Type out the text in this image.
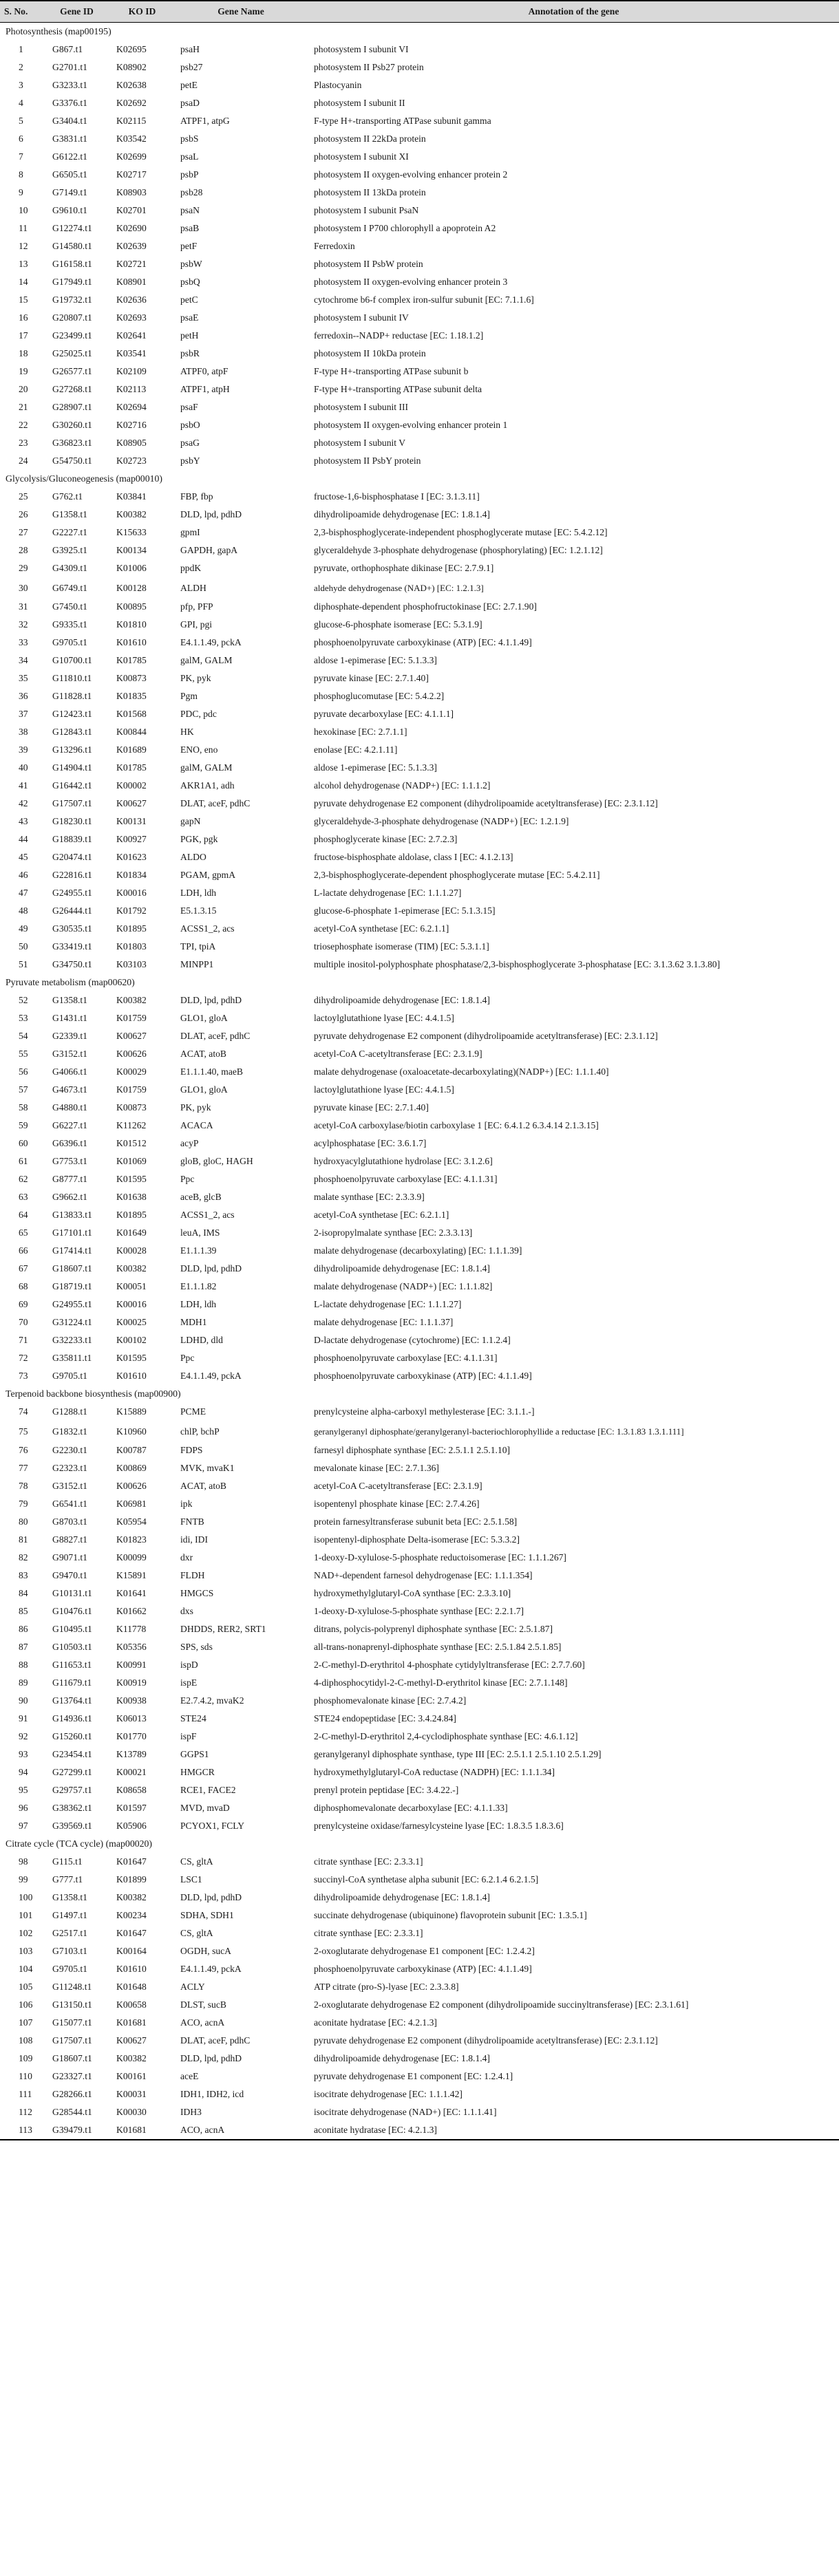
S. No.	Gene ID	KO ID	Gene Name	Annotation of the gene
Photosynthesis (map00195)				
1	G867.t1	K02695	psaH	photosystem I subunit VI
2	G2701.t1	K08902	psb27	photosystem II Psb27 protein
3	G3233.t1	K02638	petE	Plastocyanin
4	G3376.t1	K02692	psaD	photosystem I subunit II
5	G3404.t1	K02115	ATPF1, atpG	F-type H+-transporting ATPase subunit gamma
6	G3831.t1	K03542	psbS	photosystem II 22kDa protein
7	G6122.t1	K02699	psaL	photosystem I subunit XI
8	G6505.t1	K02717	psbP	photosystem II oxygen-evolving enhancer protein 2
9	G7149.t1	K08903	psb28	photosystem II 13kDa protein
10	G9610.t1	K02701	psaN	photosystem I subunit PsaN
11	G12274.t1	K02690	psaB	photosystem I P700 chlorophyll a apoprotein A2
12	G14580.t1	K02639	petF	Ferredoxin
13	G16158.t1	K02721	psbW	photosystem II PsbW protein
14	G17949.t1	K08901	psbQ	photosystem II oxygen-evolving enhancer protein 3
15	G19732.t1	K02636	petC	cytochrome b6-f complex iron-sulfur subunit [EC: 7.1.1.6]
16	G20807.t1	K02693	psaE	photosystem I subunit IV
17	G23499.t1	K02641	petH	ferredoxin--NADP+ reductase [EC: 1.18.1.2]
18	G25025.t1	K03541	psbR	photosystem II 10kDa protein
19	G26577.t1	K02109	ATPF0, atpF	F-type H+-transporting ATPase subunit b
20	G27268.t1	K02113	ATPF1, atpH	F-type H+-transporting ATPase subunit delta
21	G28907.t1	K02694	psaF	photosystem I subunit III
22	G30260.t1	K02716	psbO	photosystem II oxygen-evolving enhancer protein 1
23	G36823.t1	K08905	psaG	photosystem I subunit V
24	G54750.t1	K02723	psbY	photosystem II PsbY protein
Glycolysis/Gluconeogenesis (map00010)				
25	G762.t1	K03841	FBP, fbp	fructose-1,6-bisphosphatase I [EC: 3.1.3.11]
26	G1358.t1	K00382	DLD, lpd, pdhD	dihydrolipoamide dehydrogenase [EC: 1.8.1.4]
27	G2227.t1	K15633	gpmI	2,3-bisphosphoglycerate-independent phosphoglycerate mutase [EC: 5.4.2.12]
28	G3925.t1	K00134	GAPDH, gapA	glyceraldehyde 3-phosphate dehydrogenase (phosphorylating) [EC: 1.2.1.12]
29	G4309.t1	K01006	ppdK	pyruvate, orthophosphate dikinase [EC: 2.7.9.1]
30	G6749.t1	K00128	ALDH	aldehyde dehydrogenase (NAD+) [EC: 1.2.1.3]
31	G7450.t1	K00895	pfp, PFP	diphosphate-dependent phosphofructokinase [EC: 2.7.1.90]
32	G9335.t1	K01810	GPI, pgi	glucose-6-phosphate isomerase [EC: 5.3.1.9]
33	G9705.t1	K01610	E4.1.1.49, pckA	phosphoenolpyruvate carboxykinase (ATP) [EC: 4.1.1.49]
34	G10700.t1	K01785	galM, GALM	aldose 1-epimerase [EC: 5.1.3.3]
35	G11810.t1	K00873	PK, pyk	pyruvate kinase [EC: 2.7.1.40]
36	G11828.t1	K01835	Pgm	phosphoglucomutase [EC: 5.4.2.2]
37	G12423.t1	K01568	PDC, pdc	pyruvate decarboxylase [EC: 4.1.1.1]
38	G12843.t1	K00844	HK	hexokinase [EC: 2.7.1.1]
39	G13296.t1	K01689	ENO, eno	enolase [EC: 4.2.1.11]
40	G14904.t1	K01785	galM, GALM	aldose 1-epimerase [EC: 5.1.3.3]
41	G16442.t1	K00002	AKR1A1, adh	alcohol dehydrogenase (NADP+) [EC: 1.1.1.2]
42	G17507.t1	K00627	DLAT, aceF, pdhC	pyruvate dehydrogenase E2 component (dihydrolipoamide acetyltransferase) [EC: 2.3.1.12]
43	G18230.t1	K00131	gapN	glyceraldehyde-3-phosphate dehydrogenase (NADP+) [EC: 1.2.1.9]
44	G18839.t1	K00927	PGK, pgk	phosphoglycerate kinase [EC: 2.7.2.3]
45	G20474.t1	K01623	ALDO	fructose-bisphosphate aldolase, class I [EC: 4.1.2.13]
46	G22816.t1	K01834	PGAM, gpmA	2,3-bisphosphoglycerate-dependent phosphoglycerate mutase [EC: 5.4.2.11]
47	G24955.t1	K00016	LDH, ldh	L-lactate dehydrogenase [EC: 1.1.1.27]
48	G26444.t1	K01792	E5.1.3.15	glucose-6-phosphate 1-epimerase [EC: 5.1.3.15]
49	G30535.t1	K01895	ACSS1_2, acs	acetyl-CoA synthetase [EC: 6.2.1.1]
50	G33419.t1	K01803	TPI, tpiA	triosephosphate isomerase (TIM) [EC: 5.3.1.1]
51	G34750.t1	K03103	MINPP1	multiple inositol-polyphosphate phosphatase/2,3-bisphosphoglycerate 3-phosphatase [EC: 3.1.3.62 3.1.3.80]
Pyruvate metabolism (map00620)				
52	G1358.t1	K00382	DLD, lpd, pdhD	dihydrolipoamide dehydrogenase [EC: 1.8.1.4]
53	G1431.t1	K01759	GLO1, gloA	lactoylglutathione lyase [EC: 4.4.1.5]
54	G2339.t1	K00627	DLAT, aceF, pdhC	pyruvate dehydrogenase E2 component (dihydrolipoamide acetyltransferase) [EC: 2.3.1.12]
55	G3152.t1	K00626	ACAT, atoB	acetyl-CoA C-acetyltransferase [EC: 2.3.1.9]
56	G4066.t1	K00029	E1.1.1.40, maeB	malate dehydrogenase (oxaloacetate-decarboxylating)(NADP+) [EC: 1.1.1.40]
57	G4673.t1	K01759	GLO1, gloA	lactoylglutathione lyase [EC: 4.4.1.5]
58	G4880.t1	K00873	PK, pyk	pyruvate kinase [EC: 2.7.1.40]
59	G6227.t1	K11262	ACACA	acetyl-CoA carboxylase/biotin carboxylase 1 [EC: 6.4.1.2 6.3.4.14 2.1.3.15]
60	G6396.t1	K01512	acyP	acylphosphatase [EC: 3.6.1.7]
61	G7753.t1	K01069	gloB, gloC, HAGH	hydroxyacylglutathione hydrolase [EC: 3.1.2.6]
62	G8777.t1	K01595	Ppc	phosphoenolpyruvate carboxylase [EC: 4.1.1.31]
63	G9662.t1	K01638	aceB, glcB	malate synthase [EC: 2.3.3.9]
64	G13833.t1	K01895	ACSS1_2, acs	acetyl-CoA synthetase [EC: 6.2.1.1]
65	G17101.t1	K01649	leuA, IMS	2-isopropylmalate synthase [EC: 2.3.3.13]
66	G17414.t1	K00028	E1.1.1.39	malate dehydrogenase (decarboxylating) [EC: 1.1.1.39]
67	G18607.t1	K00382	DLD, lpd, pdhD	dihydrolipoamide dehydrogenase [EC: 1.8.1.4]
68	G18719.t1	K00051	E1.1.1.82	malate dehydrogenase (NADP+) [EC: 1.1.1.82]
69	G24955.t1	K00016	LDH, ldh	L-lactate dehydrogenase [EC: 1.1.1.27]
70	G31224.t1	K00025	MDH1	malate dehydrogenase [EC: 1.1.1.37]
71	G32233.t1	K00102	LDHD, dld	D-lactate dehydrogenase (cytochrome) [EC: 1.1.2.4]
72	G35811.t1	K01595	Ppc	phosphoenolpyruvate carboxylase [EC: 4.1.1.31]
73	G9705.t1	K01610	E4.1.1.49, pckA	phosphoenolpyruvate carboxykinase (ATP) [EC: 4.1.1.49]
Terpenoid backbone biosynthesis (map00900)				
74	G1288.t1	K15889	PCME	prenylcysteine alpha-carboxyl methylesterase [EC: 3.1.1.-]
75	G1832.t1	K10960	chlP, bchP	geranylgeranyl diphosphate/geranylgeranyl-bacteriochlorophyllide a reductase [EC: 1.3.1.83 1.3.1.111]
76	G2230.t1	K00787	FDPS	farnesyl diphosphate synthase [EC: 2.5.1.1 2.5.1.10]
77	G2323.t1	K00869	MVK, mvaK1	mevalonate kinase [EC: 2.7.1.36]
78	G3152.t1	K00626	ACAT, atoB	acetyl-CoA C-acetyltransferase [EC: 2.3.1.9]
79	G6541.t1	K06981	ipk	isopentenyl phosphate kinase [EC: 2.7.4.26]
80	G8703.t1	K05954	FNTB	protein farnesyltransferase subunit beta [EC: 2.5.1.58]
81	G8827.t1	K01823	idi, IDI	isopentenyl-diphosphate Delta-isomerase [EC: 5.3.3.2]
82	G9071.t1	K00099	dxr	1-deoxy-D-xylulose-5-phosphate reductoisomerase [EC: 1.1.1.267]
83	G9470.t1	K15891	FLDH	NAD+-dependent farnesol dehydrogenase [EC: 1.1.1.354]
84	G10131.t1	K01641	HMGCS	hydroxymethylglutaryl-CoA synthase [EC: 2.3.3.10]
85	G10476.t1	K01662	dxs	1-deoxy-D-xylulose-5-phosphate synthase [EC: 2.2.1.7]
86	G10495.t1	K11778	DHDDS, RER2, SRT1	ditrans, polycis-polyprenyl diphosphate synthase [EC: 2.5.1.87]
87	G10503.t1	K05356	SPS, sds	all-trans-nonaprenyl-diphosphate synthase [EC: 2.5.1.84 2.5.1.85]
88	G11653.t1	K00991	ispD	2-C-methyl-D-erythritol 4-phosphate cytidylyltransferase [EC: 2.7.7.60]
89	G11679.t1	K00919	ispE	4-diphosphocytidyl-2-C-methyl-D-erythritol kinase [EC: 2.7.1.148]
90	G13764.t1	K00938	E2.7.4.2, mvaK2	phosphomevalonate kinase [EC: 2.7.4.2]
91	G14936.t1	K06013	STE24	STE24 endopeptidase [EC: 3.4.24.84]
92	G15260.t1	K01770	ispF	2-C-methyl-D-erythritol 2,4-cyclodiphosphate synthase [EC: 4.6.1.12]
93	G23454.t1	K13789	GGPS1	geranylgeranyl diphosphate synthase, type III [EC: 2.5.1.1 2.5.1.10 2.5.1.29]
94	G27299.t1	K00021	HMGCR	hydroxymethylglutaryl-CoA reductase (NADPH) [EC: 1.1.1.34]
95	G29757.t1	K08658	RCE1, FACE2	prenyl protein peptidase [EC: 3.4.22.-]
96	G38362.t1	K01597	MVD, mvaD	diphosphomevalonate decarboxylase [EC: 4.1.1.33]
97	G39569.t1	K05906	PCYOX1, FCLY	prenylcysteine oxidase/farnesylcysteine lyase [EC: 1.8.3.5 1.8.3.6]
Citrate cycle (TCA cycle) (map00020)				
98	G115.t1	K01647	CS, gltA	citrate synthase [EC: 2.3.3.1]
99	G777.t1	K01899	LSC1	succinyl-CoA synthetase alpha subunit [EC: 6.2.1.4 6.2.1.5]
100	G1358.t1	K00382	DLD, lpd, pdhD	dihydrolipoamide dehydrogenase [EC: 1.8.1.4]
101	G1497.t1	K00234	SDHA, SDH1	succinate dehydrogenase (ubiquinone) flavoprotein subunit [EC: 1.3.5.1]
102	G2517.t1	K01647	CS, gltA	citrate synthase [EC: 2.3.3.1]
103	G7103.t1	K00164	OGDH, sucA	2-oxoglutarate dehydrogenase E1 component [EC: 1.2.4.2]
104	G9705.t1	K01610	E4.1.1.49, pckA	phosphoenolpyruvate carboxykinase (ATP) [EC: 4.1.1.49]
105	G11248.t1	K01648	ACLY	ATP citrate (pro-S)-lyase [EC: 2.3.3.8]
106	G13150.t1	K00658	DLST, sucB	2-oxoglutarate dehydrogenase E2 component (dihydrolipoamide succinyltransferase) [EC: 2.3.1.61]
107	G15077.t1	K01681	ACO, acnA	aconitate hydratase [EC: 4.2.1.3]
108	G17507.t1	K00627	DLAT, aceF, pdhC	pyruvate dehydrogenase E2 component (dihydrolipoamide acetyltransferase) [EC: 2.3.1.12]
109	G18607.t1	K00382	DLD, lpd, pdhD	dihydrolipoamide dehydrogenase [EC: 1.8.1.4]
110	G23327.t1	K00161	aceE	pyruvate dehydrogenase E1 component [EC: 1.2.4.1]
111	G28266.t1	K00031	IDH1, IDH2, icd	isocitrate dehydrogenase [EC: 1.1.1.42]
112	G28544.t1	K00030	IDH3	isocitrate dehydrogenase (NAD+) [EC: 1.1.1.41]
113	G39479.t1	K01681	ACO, acnA	aconitate hydratase [EC: 4.2.1.3]
